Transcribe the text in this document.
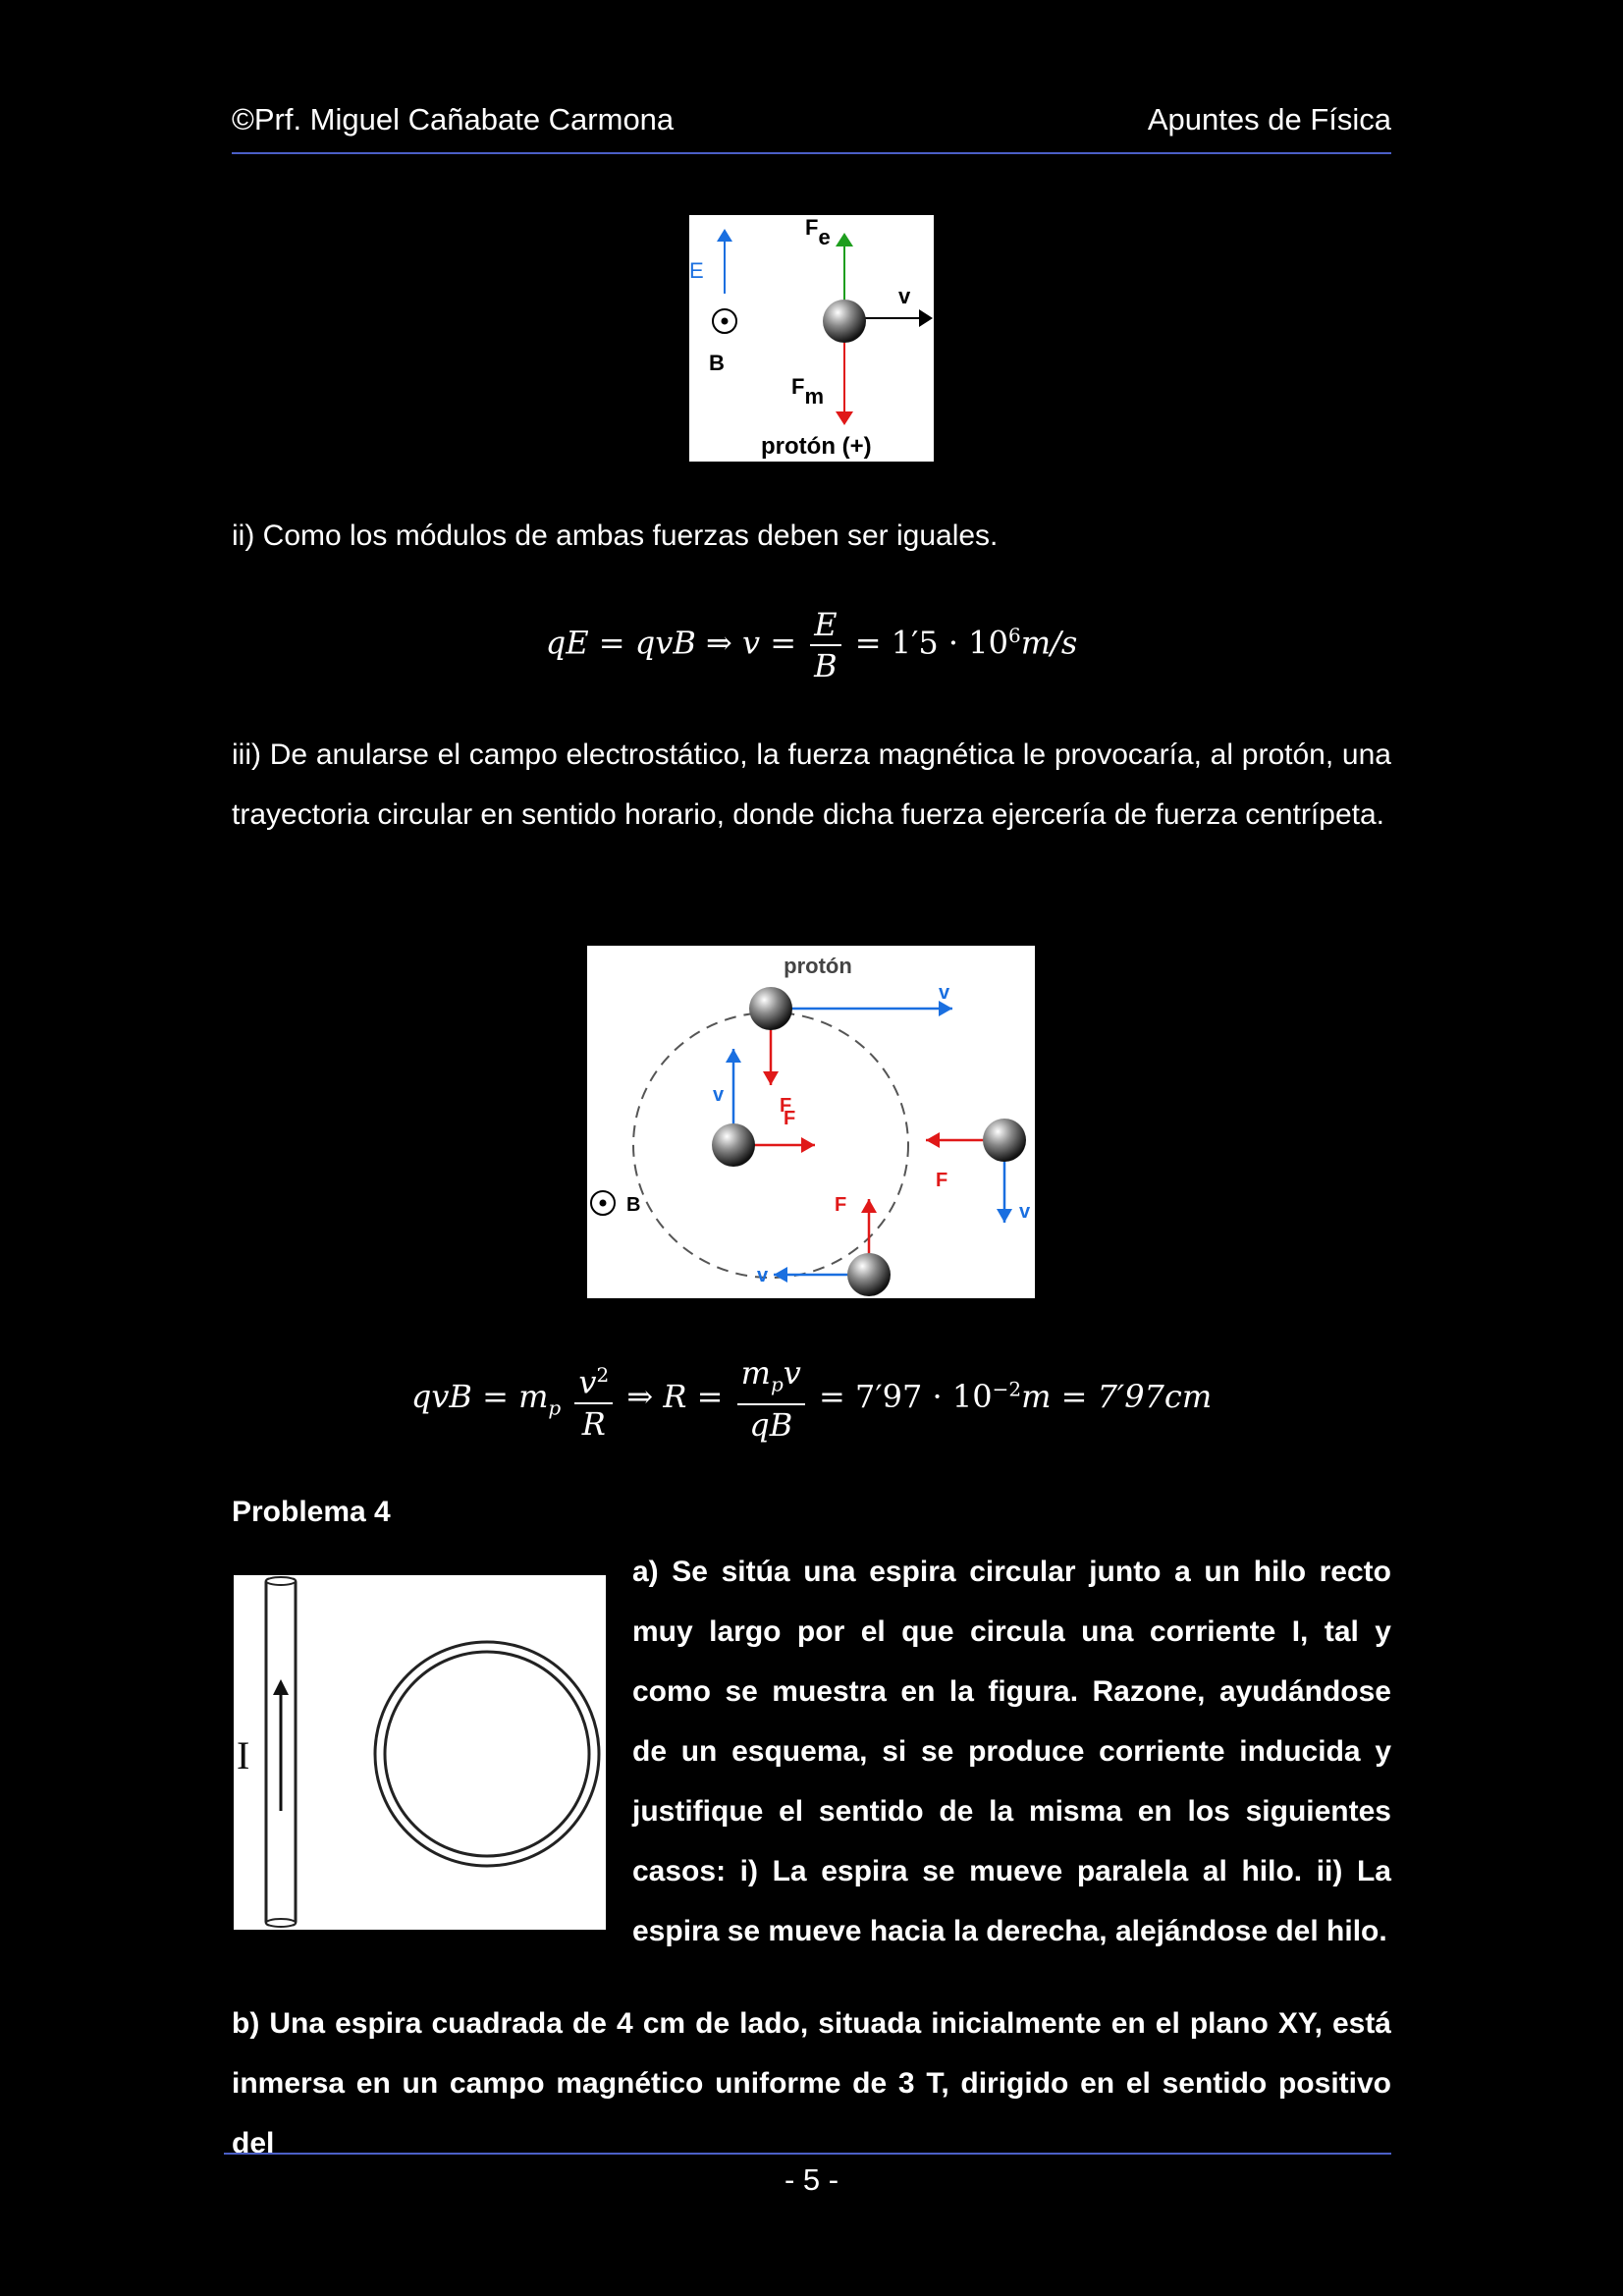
©Prf. Miguel Cañabate Carmona	Apuntes de Física
E
B
Fe
Fm
v
protón (+)
ii) Como los módulos de ambas fuerzas deben ser iguales.
qE = qvB ⇒ $v = \frac{E}{B} = 1'5 \cdot 10^6m/s$
iii) De anularse el campo electrostático, la fuerza magnética le provocaría, al protón, una trayectoria circular en sentido horario, donde dicha fuerza ejercería de fuerza centrípeta.
protón
B
v
F
v
F
v
F
v
F
qvB = $m_p \frac{v^2}{R}$ ⇒ $R = \frac{m_pv}{qB} = 7'97 \cdot 10^{-2}m = 7'97cm$
Problema 4
I
a) Se sitúa una espira circular junto a un hilo recto muy largo por el que circula una corriente I, tal y como se muestra en la figura. Razone, ayudándose de un esquema, si se produce corriente inducida y justifique el sentido de la misma en los siguientes casos: i) La espira se mueve paralela al hilo. ii) La espira se mueve hacia la derecha, alejándose del hilo.
b) Una espira cuadrada de 4 cm de lado, situada inicialmente en el plano XY, está inmersa en un campo magnético uniforme de 3 T, dirigido en el sentido positivo del
- 5 -
